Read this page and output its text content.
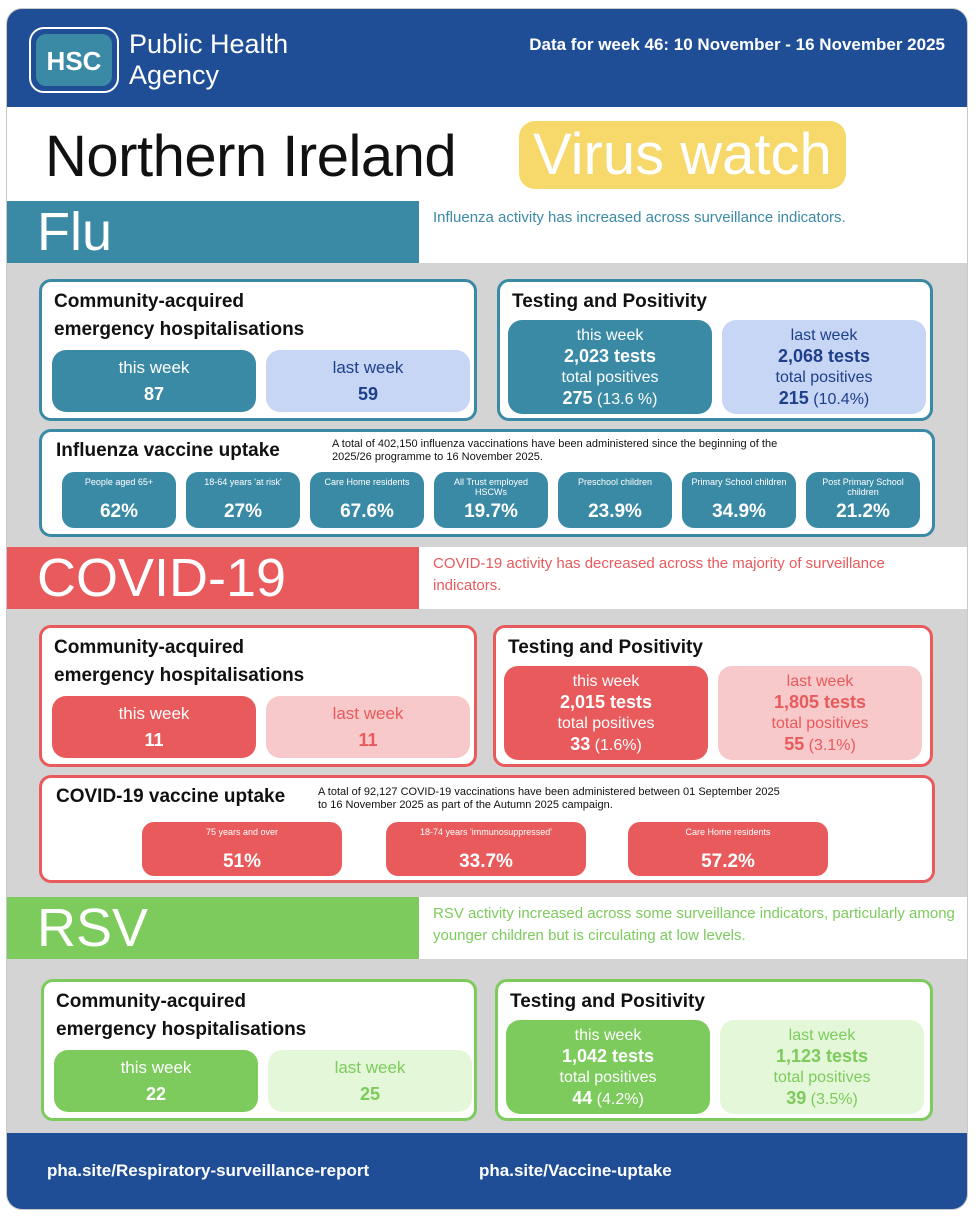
HSC
Public Health
Agency
Data for week 46: 10 November - 16 November 2025
Northern Ireland Virus watch
Flu	Influenza activity has increased across surveillance indicators.
Community-acquired
emergency hospitalisations
this week
87
last week
59
Testing and Positivity
this week
2,023 tests
total positives
275 (13.6 %)
last week
2,068 tests
total positives
215 (10.4%)
Influenza vaccine uptake	A total of 402,150 influenza vaccinations have been administered since the beginning of the
2025/26 programme to 16 November 2025.
People aged 65+
62%
18-64 years 'at risk'
27%
Care Home residents
67.6%
All Trust employed HSCWs
19.7%
Preschool children
23.9%
Primary School children
34.9%
Post Primary School children
21.2%
COVID-19	COVID-19 activity has decreased across the majority of surveillance indicators.
Community-acquired
emergency hospitalisations
this week
11
last week
11
Testing and Positivity
this week
2,015 tests
total positives
33 (1.6%)
last week
1,805 tests
total positives
55 (3.1%)
COVID-19 vaccine uptake	A total of 92,127 COVID-19 vaccinations have been administered between 01 September 2025
to 16 November 2025 as part of the Autumn 2025 campaign.
75 years and over
51%
18-74 years 'immunosuppressed'
33.7%
Care Home residents
57.2%
RSV	RSV activity increased across some surveillance indicators, particularly among younger children but is circulating at low levels.
Community-acquired
emergency hospitalisations
this week
22
last week
25
Testing and Positivity
this week
1,042 tests
total positives
44 (4.2%)
last week
1,123 tests
total positives
39 (3.5%)
pha.site/Respiratory-surveillance-report	pha.site/Vaccine-uptake
